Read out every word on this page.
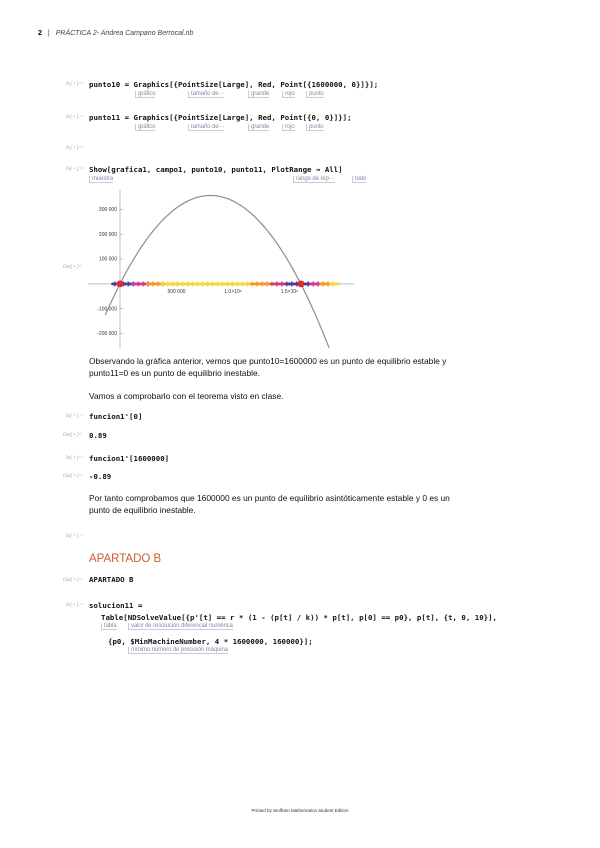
2 | PRÁCTICA 2- Andrea Campano Berrocal.nb
In[ • ]:= punto10 = Graphics[{PointSize[Large], Red, Point[{1600000, 0}]}];

gráfico

	tamaño de···

	grande

	rojo

	punto

In[ • ]:= punto11 = Graphics[{PointSize[Large], Red, Point[{0, 0}]}];

gráfico

	tamaño de···

	grande

	rojo

	punto

In[ • ]:=
In[ • ]:= Show[grafica1, campo1, punto10, punto11, PlotRange → All]

muestra

	rango de rep···

	todo

Out[ • ]=
300 000
200 000
100 000
-100 000
-200 000
500 000	1.0×10⁶	1.5×10⁶
Observando la gráfica anterior, vemos que punto10=1600000 es un punto de equilibrio estable y
punto11=0 es un punto de equilibrio inestable.
Vamos a comprobarlo con el teorema visto en clase.
In[ • ]:= funcion1'[0]
Out[ • ]= 0.89
In[ • ]:= funcion1'[1600000]
Out[ • ]= -0.89
Por tanto comprobamos que 1600000 es un punto de equilibrio asintóticamente estable y 0 es un
punto de equilibrio inestable.
In[ • ]:=
APARTADO B
Out[ • ]= APARTADO B
In[ • ]:= solucion11 =
Table[NDSolveValue[{p'[t] == r * (1 - (p[t] / k)) * p[t], p[0] == p0}, p[t], {t, 0, 10}],

tabla

	valor de resolución diferencial numérica

{p0, $MinMachineNumber, 4 * 1600000, 160000}];

mínimo número de precisión máquina

Printed by Wolfram Mathematica Student Edition
